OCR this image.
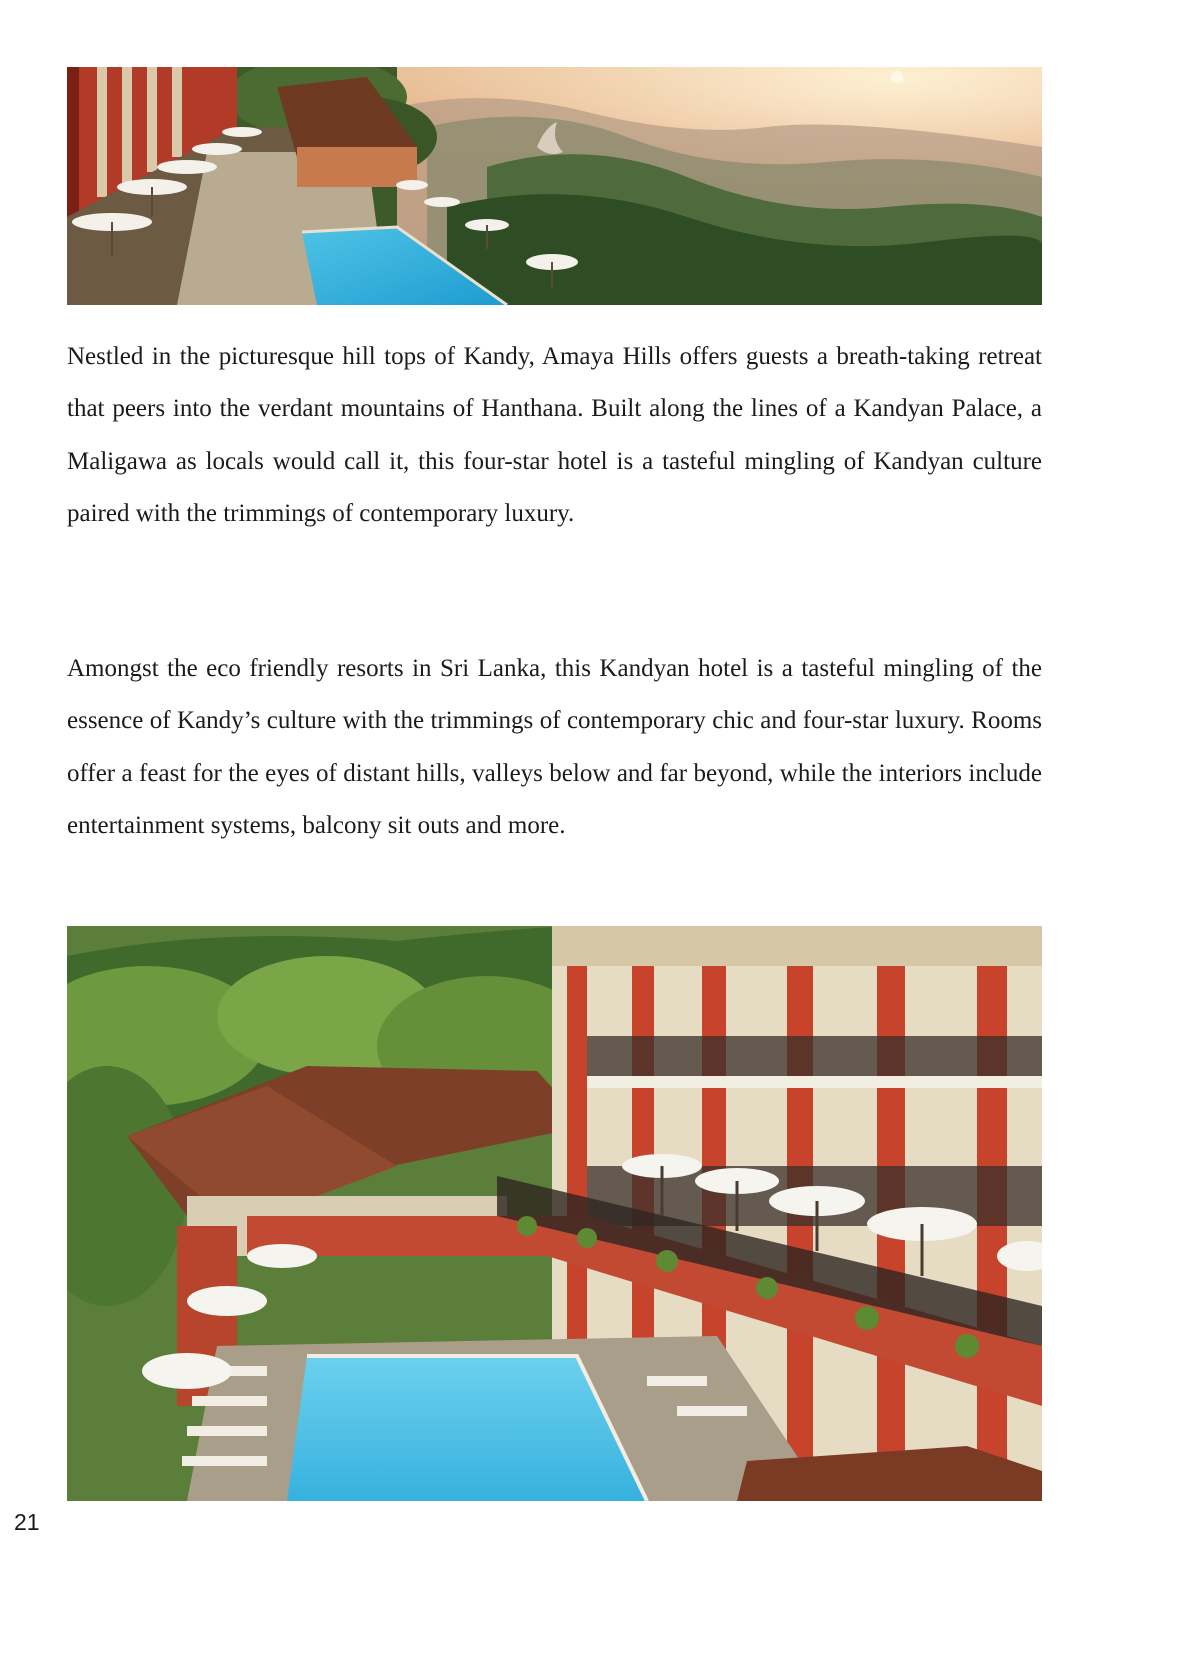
Nestled in the picturesque hill tops of Kandy, Amaya Hills offers guests a breath-taking retreat that peers into the verdant mountains of Hanthana. Built along the lines of a Kandyan Palace, a Maligawa as locals would call it, this four-star hotel is a tasteful mingling of Kandyan culture paired with the trimmings of contemporary luxury.

Amongst the eco friendly resorts in Sri Lanka, this Kandyan hotel is a tasteful mingling of the essence of Kandy’s culture with the trimmings of contemporary chic and four-star luxury. Rooms offer a feast for the eyes of distant hills, valleys below and far beyond, while the interiors include entertainment systems, balcony sit outs and more.

21
